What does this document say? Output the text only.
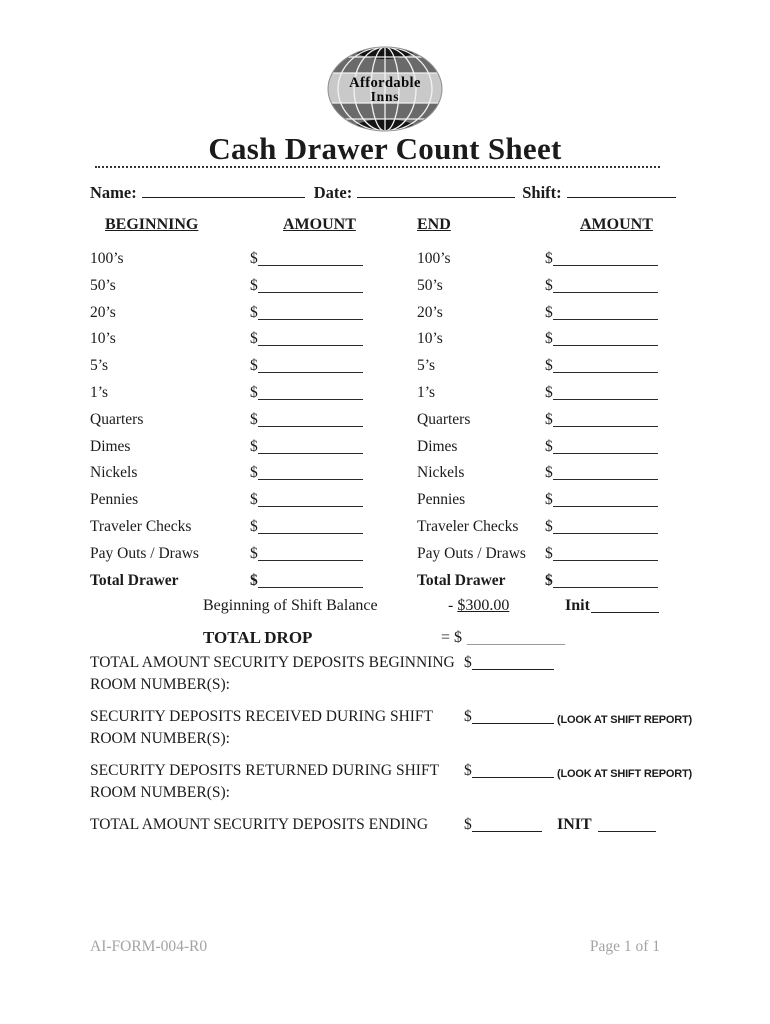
Affordable
Inns
Cash Drawer Count Sheet
Name:	Date:	Shift:
BEGINNING	AMOUNT	END	AMOUNT
100’s	$	100’s	$
50’s	$	50’s	$
20’s	$	20’s	$
10’s	$	10’s	$
5’s	$	5’s	$
1’s	$	1’s	$
Quarters	$	Quarters	$
Dimes	$	Dimes	$
Nickels	$	Nickels	$
Pennies	$	Pennies	$
Traveler Checks	$	Traveler Checks $
Pay Outs / Draws	$	Pay Outs / Draws $
Total Drawer	$	Total Drawer	$
Beginning of Shift Balance	- $300.00	Init
TOTAL DROP	= $
TOTAL AMOUNT SECURITY DEPOSITS BEGINNING $
ROOM NUMBER(S):
SECURITY DEPOSITS RECEIVED DURING SHIFT $	(LOOK AT SHIFT REPORT)
ROOM NUMBER(S):
SECURITY DEPOSITS RETURNED DURING SHIFT $	(LOOK AT SHIFT REPORT)
ROOM NUMBER(S):
TOTAL AMOUNT SECURITY DEPOSITS ENDING $	INIT
AI-FORM-004-R0	Page 1 of 1
